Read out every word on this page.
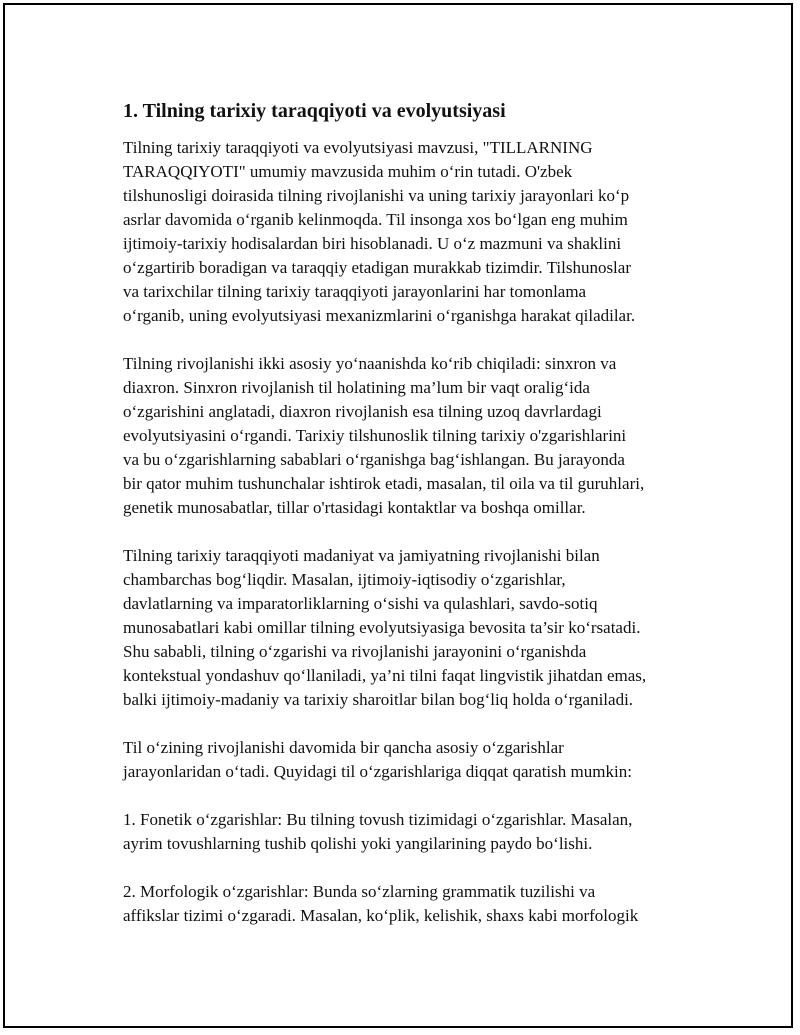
1. Tilning tarixiy taraqqiyoti va evolyutsiyasi
Tilning tarixiy taraqqiyoti va evolyutsiyasi mavzusi, "TILLARNING
TARAQQIYOTI" umumiy mavzusida muhim o‘rin tutadi. O'zbek
tilshunosligi doirasida tilning rivojlanishi va uning tarixiy jarayonlari ko‘p
asrlar davomida o‘rganib kelinmoqda. Til insonga xos bo‘lgan eng muhim
ijtimoiy-tarixiy hodisalardan biri hisoblanadi. U o‘z mazmuni va shaklini
o‘zgartirib boradigan va taraqqiy etadigan murakkab tizimdir. Tilshunoslar
va tarixchilar tilning tarixiy taraqqiyoti jarayonlarini har tomonlama
o‘rganib, uning evolyutsiyasi mexanizmlarini o‘rganishga harakat qiladilar.
Tilning rivojlanishi ikki asosiy yo‘naanishda ko‘rib chiqiladi: sinxron va
diaxron. Sinxron rivojlanish til holatining ma’lum bir vaqt oralig‘ida
o‘zgarishini anglatadi, diaxron rivojlanish esa tilning uzoq davrlardagi
evolyutsiyasini o‘rgandi. Tarixiy tilshunoslik tilning tarixiy o'zgarishlarini
va bu o‘zgarishlarning sabablari o‘rganishga bag‘ishlangan. Bu jarayonda
bir qator muhim tushunchalar ishtirok etadi, masalan, til oila va til guruhlari,
genetik munosabatlar, tillar o'rtasidagi kontaktlar va boshqa omillar.
Tilning tarixiy taraqqiyoti madaniyat va jamiyatning rivojlanishi bilan
chambarchas bog‘liqdir. Masalan, ijtimoiy-iqtisodiy o‘zgarishlar,
davlatlarning va imparatorliklarning o‘sishi va qulashlari, savdo-sotiq
munosabatlari kabi omillar tilning evolyutsiyasiga bevosita ta’sir ko‘rsatadi.
Shu sababli, tilning o‘zgarishi va rivojlanishi jarayonini o‘rganishda
kontekstual yondashuv qo‘llaniladi, ya’ni tilni faqat lingvistik jihatdan emas,
balki ijtimoiy-madaniy va tarixiy sharoitlar bilan bog‘liq holda o‘rganiladi.
Til o‘zining rivojlanishi davomida bir qancha asosiy o‘zgarishlar
jarayonlaridan o‘tadi. Quyidagi til o‘zgarishlariga diqqat qaratish mumkin:
1. Fonetik o‘zgarishlar: Bu tilning tovush tizimidagi o‘zgarishlar. Masalan,
ayrim tovushlarning tushib qolishi yoki yangilarining paydo bo‘lishi.
2. Morfologik o‘zgarishlar: Bunda so‘zlarning grammatik tuzilishi va
affikslar tizimi o‘zgaradi. Masalan, ko‘plik, kelishik, shaxs kabi morfologik
